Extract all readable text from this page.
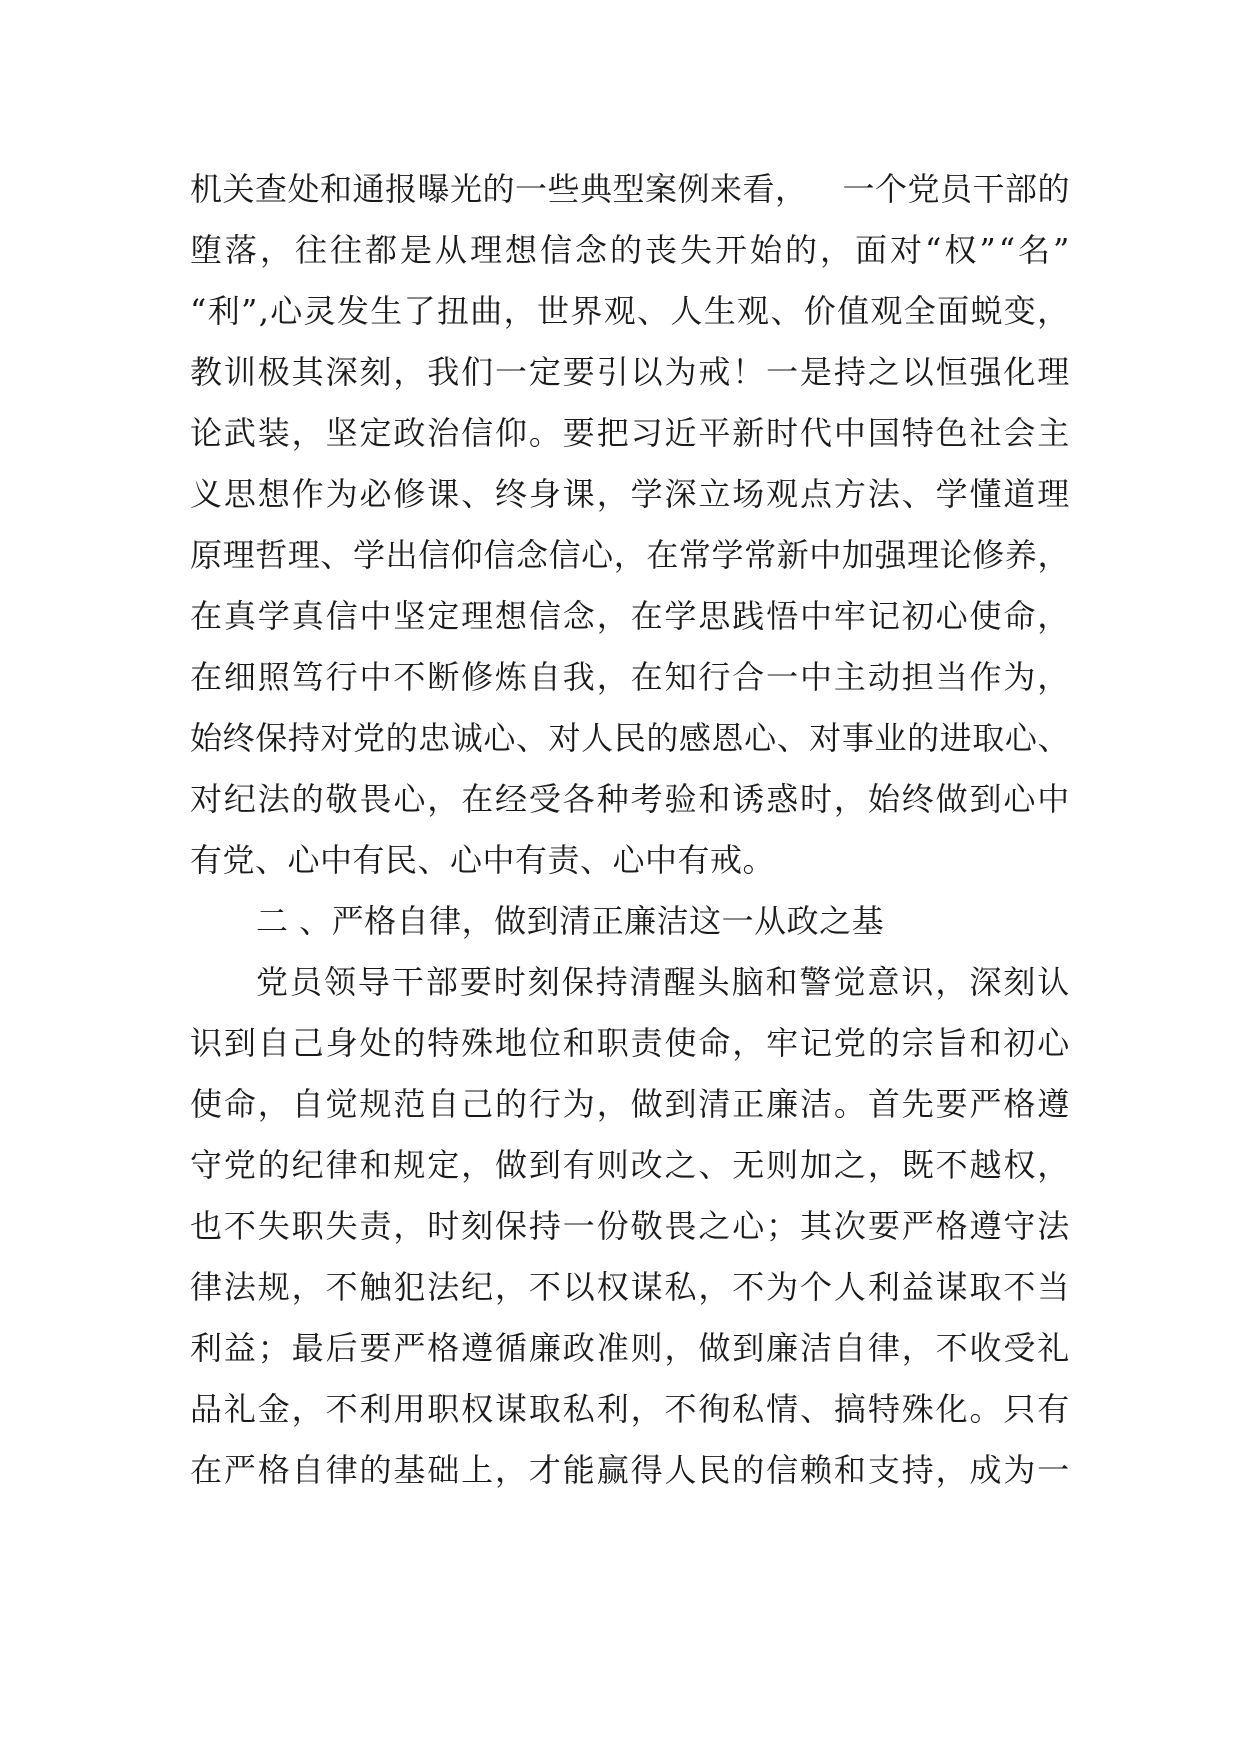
机关查处和通报曝光的一些典型案例来看， 一个党员干部的
堕 落 ， 往 往 都 是 从 理 想 信 念 的 丧 失 开 始 的 ， 面 对 “ 权 ” “ 名 ”
“ 利 ” , 心 灵 发 生 了 扭 曲 ， 世 界 观 、 人 生 观 、 价 值 观 全 面 蜕 变 ，
教 训 极 其 深 刻 ， 我 们 一 定 要 引 以 为 戒 ！ 一 是 持 之 以 恒 强 化 理
论 武 装 ， 坚 定 政 治 信 仰 。 要 把 习 近 平 新 时 代 中 国 特 色 社 会 主
义 思 想 作 为 必 修 课 、 终 身 课 ， 学 深 立 场 观 点 方 法 、 学 懂 道 理
原 理 哲 理 、 学 出 信 仰 信 念 信 心 ， 在 常 学 常 新 中 加 强 理 论 修 养 ，
在 真 学 真 信 中 坚 定 理 想 信 念 ， 在 学 思 践 悟 中 牢 记 初 心 使 命 ，
在 细 照 笃 行 中 不 断 修 炼 自 我 ， 在 知 行 合 一 中 主 动 担 当 作 为 ，
始 终 保 持 对 党 的 忠 诚 心 、 对 人 民 的 感 恩 心 、 对 事 业 的 进 取 心 、
对 纪 法 的 敬 畏 心 ， 在 经 受 各 种 考 验 和 诱 惑 时 ， 始 终 做 到 心 中
有党、心中有民、心中有责、心中有戒。
二 、严格自律，做到清正廉洁这一从政之基
党 员 领 导 干 部 要 时 刻 保 持 清 醒 头 脑 和 警 觉 意 识 ， 深 刻 认
识 到 自 己 身 处 的 特 殊 地 位 和 职 责 使 命 ， 牢 记 党 的 宗 旨 和 初 心
使 命 ， 自 觉 规 范 自 己 的 行 为 ， 做 到 清 正 廉 洁 。 首 先 要 严 格 遵
守 党 的 纪 律 和 规 定 ， 做 到 有 则 改 之 、 无 则 加 之 ， 既 不 越 权 ，
也 不 失 职 失 责 ， 时 刻 保 持 一 份 敬 畏 之 心 ； 其 次 要 严 格 遵 守 法
律 法 规 ， 不 触 犯 法 纪 ， 不 以 权 谋 私 ， 不 为 个 人 利 益 谋 取 不 当
利 益 ； 最 后 要 严 格 遵 循 廉 政 准 则 ， 做 到 廉 洁 自 律 ， 不 收 受 礼
品 礼 金 ， 不 利 用 职 权 谋 取 私 利 ， 不 徇 私 情 、 搞 特 殊 化 。 只 有
在 严 格 自 律 的 基 础 上 ， 才 能 赢 得 人 民 的 信 赖 和 支 持 ， 成 为 一
